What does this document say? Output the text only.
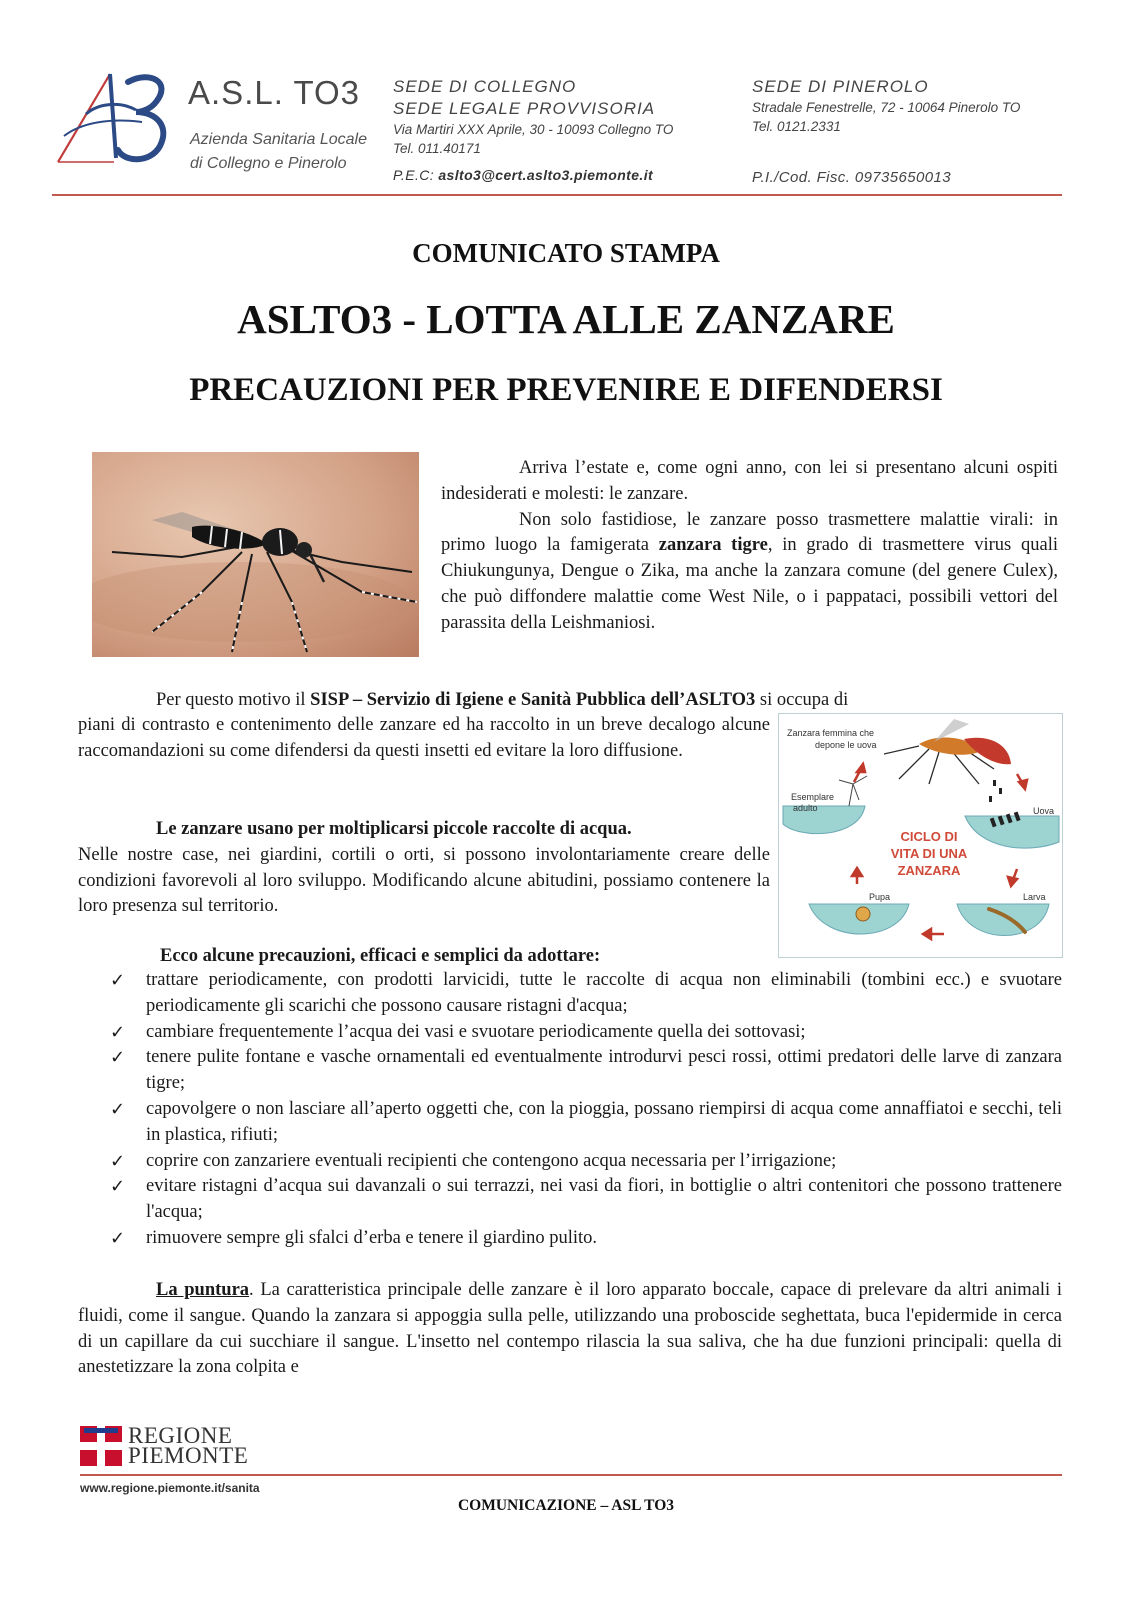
A.S.L. TO3
Azienda Sanitaria Locale
di Collegno e Pinerolo
SEDE DI COLLEGNO
SEDE LEGALE PROVVISORIA
Via Martiri XXX Aprile, 30 - 10093 Collegno TO
Tel. 011.40171
SEDE DI PINEROLO
Stradale Fenestrelle, 72 - 10064 Pinerolo TO
Tel. 0121.2331
P.E.C: aslto3@cert.aslto3.piemonte.it	P.I./Cod. Fisc. 09735650013
COMUNICATO STAMPA
ASLTO3 - LOTTA ALLE ZANZARE
PRECAUZIONI PER PREVENIRE E DIFENDERSI
Arriva l’estate e, come ogni anno, con lei si presentano alcuni ospiti indesiderati e molesti: le zanzare.
Non solo fastidiose, le zanzare posso trasmettere malattie virali: in primo luogo la famigerata zanzara tigre, in grado di trasmettere virus quali Chiukungunya, Dengue o Zika, ma anche la zanzara comune (del genere Culex), che può diffondere malattie come West Nile, o i pappataci, possibili vettori del parassita della Leishmaniosi.
Per questo motivo il SISP – Servizio di Igiene e Sanità Pubblica dell’ASLTO3 si occupa di
piani di contrasto e contenimento delle zanzare ed ha raccolto in un breve decalogo alcune raccomandazioni su come difendersi da questi insetti ed evitare la loro diffusione.
Zanzara femmina che
depone le uova
Esemplare
adulto	Uova
Pupa	Larva
CICLO DI
VITA DI UNA
ZANZARA
Le zanzare usano per moltiplicarsi piccole raccolte di acqua.
Nelle nostre case, nei giardini, cortili o orti, si possono involontariamente creare delle condizioni favorevoli al loro sviluppo. Modificando alcune abitudini, possiamo contenere la loro presenza sul territorio.
Ecco alcune precauzioni, efficaci e semplici da adottare:
✓ trattare periodicamente, con prodotti larvicidi, tutte le raccolte di acqua non eliminabili (tombini ecc.) e svuotare periodicamente gli scarichi che possono causare ristagni d'acqua;
✓ cambiare frequentemente l’acqua dei vasi e svuotare periodicamente quella dei sottovasi;
✓ tenere pulite fontane e vasche ornamentali ed eventualmente introdurvi pesci rossi, ottimi predatori delle larve di zanzara tigre;
✓ capovolgere o non lasciare all’aperto oggetti che, con la pioggia, possano riempirsi di acqua come annaffiatoi e secchi, teli in plastica, rifiuti;
✓ coprire con zanzariere eventuali recipienti che contengono acqua necessaria per l’irrigazione;
✓ evitare ristagni d’acqua sui davanzali o sui terrazzi, nei vasi da fiori, in bottiglie o altri contenitori che possono trattenere l'acqua;
✓ rimuovere sempre gli sfalci d’erba e tenere il giardino pulito.
La puntura. La caratteristica principale delle zanzare è il loro apparato boccale, capace di prelevare da altri animali i fluidi, come il sangue. Quando la zanzara si appoggia sulla pelle, utilizzando una proboscide seghettata, buca l'epidermide in cerca di un capillare da cui succhiare il sangue. L'insetto nel contempo rilascia la sua saliva, che ha due funzioni principali: quella di anestetizzare la zona colpita e
REGIONE
PIEMONTE
www.regione.piemonte.it/sanita
COMUNICAZIONE – ASL TO3
